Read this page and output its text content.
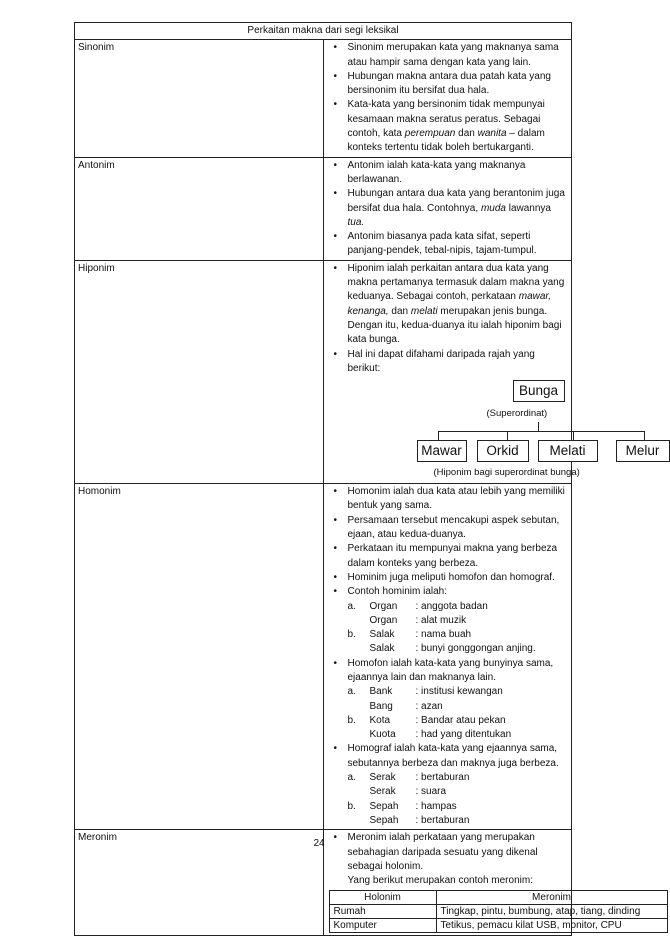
Perkaitan makna dari segi leksikal
Sinonim	
•Sinonim merupakan kata yang maknanya sama atau hampir sama dengan kata yang lain.
• Hubungan makna antara dua patah kata yang bersinonim itu bersifat dua hala.
• Kata-kata yang bersinonim tidak mempunyai kesamaan makna seratus peratus. Sebagai contoh, kata perempuan dan wanita – dalam konteks tertentu tidak boleh bertukarganti.

Antonim	
•Antonim ialah kata-kata yang maknanya berlawanan.
• Hubungan antara dua kata yang berantonim juga bersifat dua hala. Contohnya, muda lawannya tua.
• Antonim biasanya pada kata sifat, seperti panjang-pendek, tebal-nipis, tajam-tumpul.

Hiponim	
•Hiponim ialah perkaitan antara dua kata yang makna pertamanya termasuk dalam makna yang keduanya. Sebagai contoh, perkataan mawar, kenanga, dan melati merupakan jenis bunga. Dengan itu, kedua-duanya itu ialah hiponim bagi kata bunga.
• Hal ini dapat difahami daripada rajah yang berikut:
Bunga
(Superordinat)
Mawar	Orkid	Melati	Melur
(Hiponim bagi superordinat bunga)

Homonim	
•Homonim ialah dua kata atau lebih yang memiliki bentuk yang sama.
• Persamaan tersebut mencakupi aspek sebutan, ejaan, atau kedua-duanya.
• Perkataan itu mempunyai makna yang berbeza dalam konteks yang berbeza.
• Hominim juga meliputi homofon dan homograf.
• Contoh hominim ialah:
a.	Organ	: anggota badan
Organ	: alat muzik
b.	Salak	: nama buah
Salak	: bunyi gonggongan anjing.
• Homofon ialah kata-kata yang bunyinya sama, ejaannya lain dan maknanya lain.
a.	Bank	: institusi kewangan
Bang	: azan
b.	Kota	: Bandar atau pekan
Kuota	: had yang ditentukan
• Homograf ialah kata-kata yang ejaannya sama, sebutannya berbeza dan maknya juga berbeza.
a.	Serak	: bertaburan
Serak	: suara
b.	Sepah	: hampas
Sepah	: bertaburan

Meronim	
•Meronim ialah perkataan yang merupakan sebahagian daripada sesuatu yang dikenal sebagai holonim.
Yang berikut merupakan contoh meronim:
Holonim	Meronim
Rumah	Tingkap, pintu, bumbung, atap, tiang, dinding
Komputer	Tetikus, pemacu kilat USB, monitor, CPU
24
